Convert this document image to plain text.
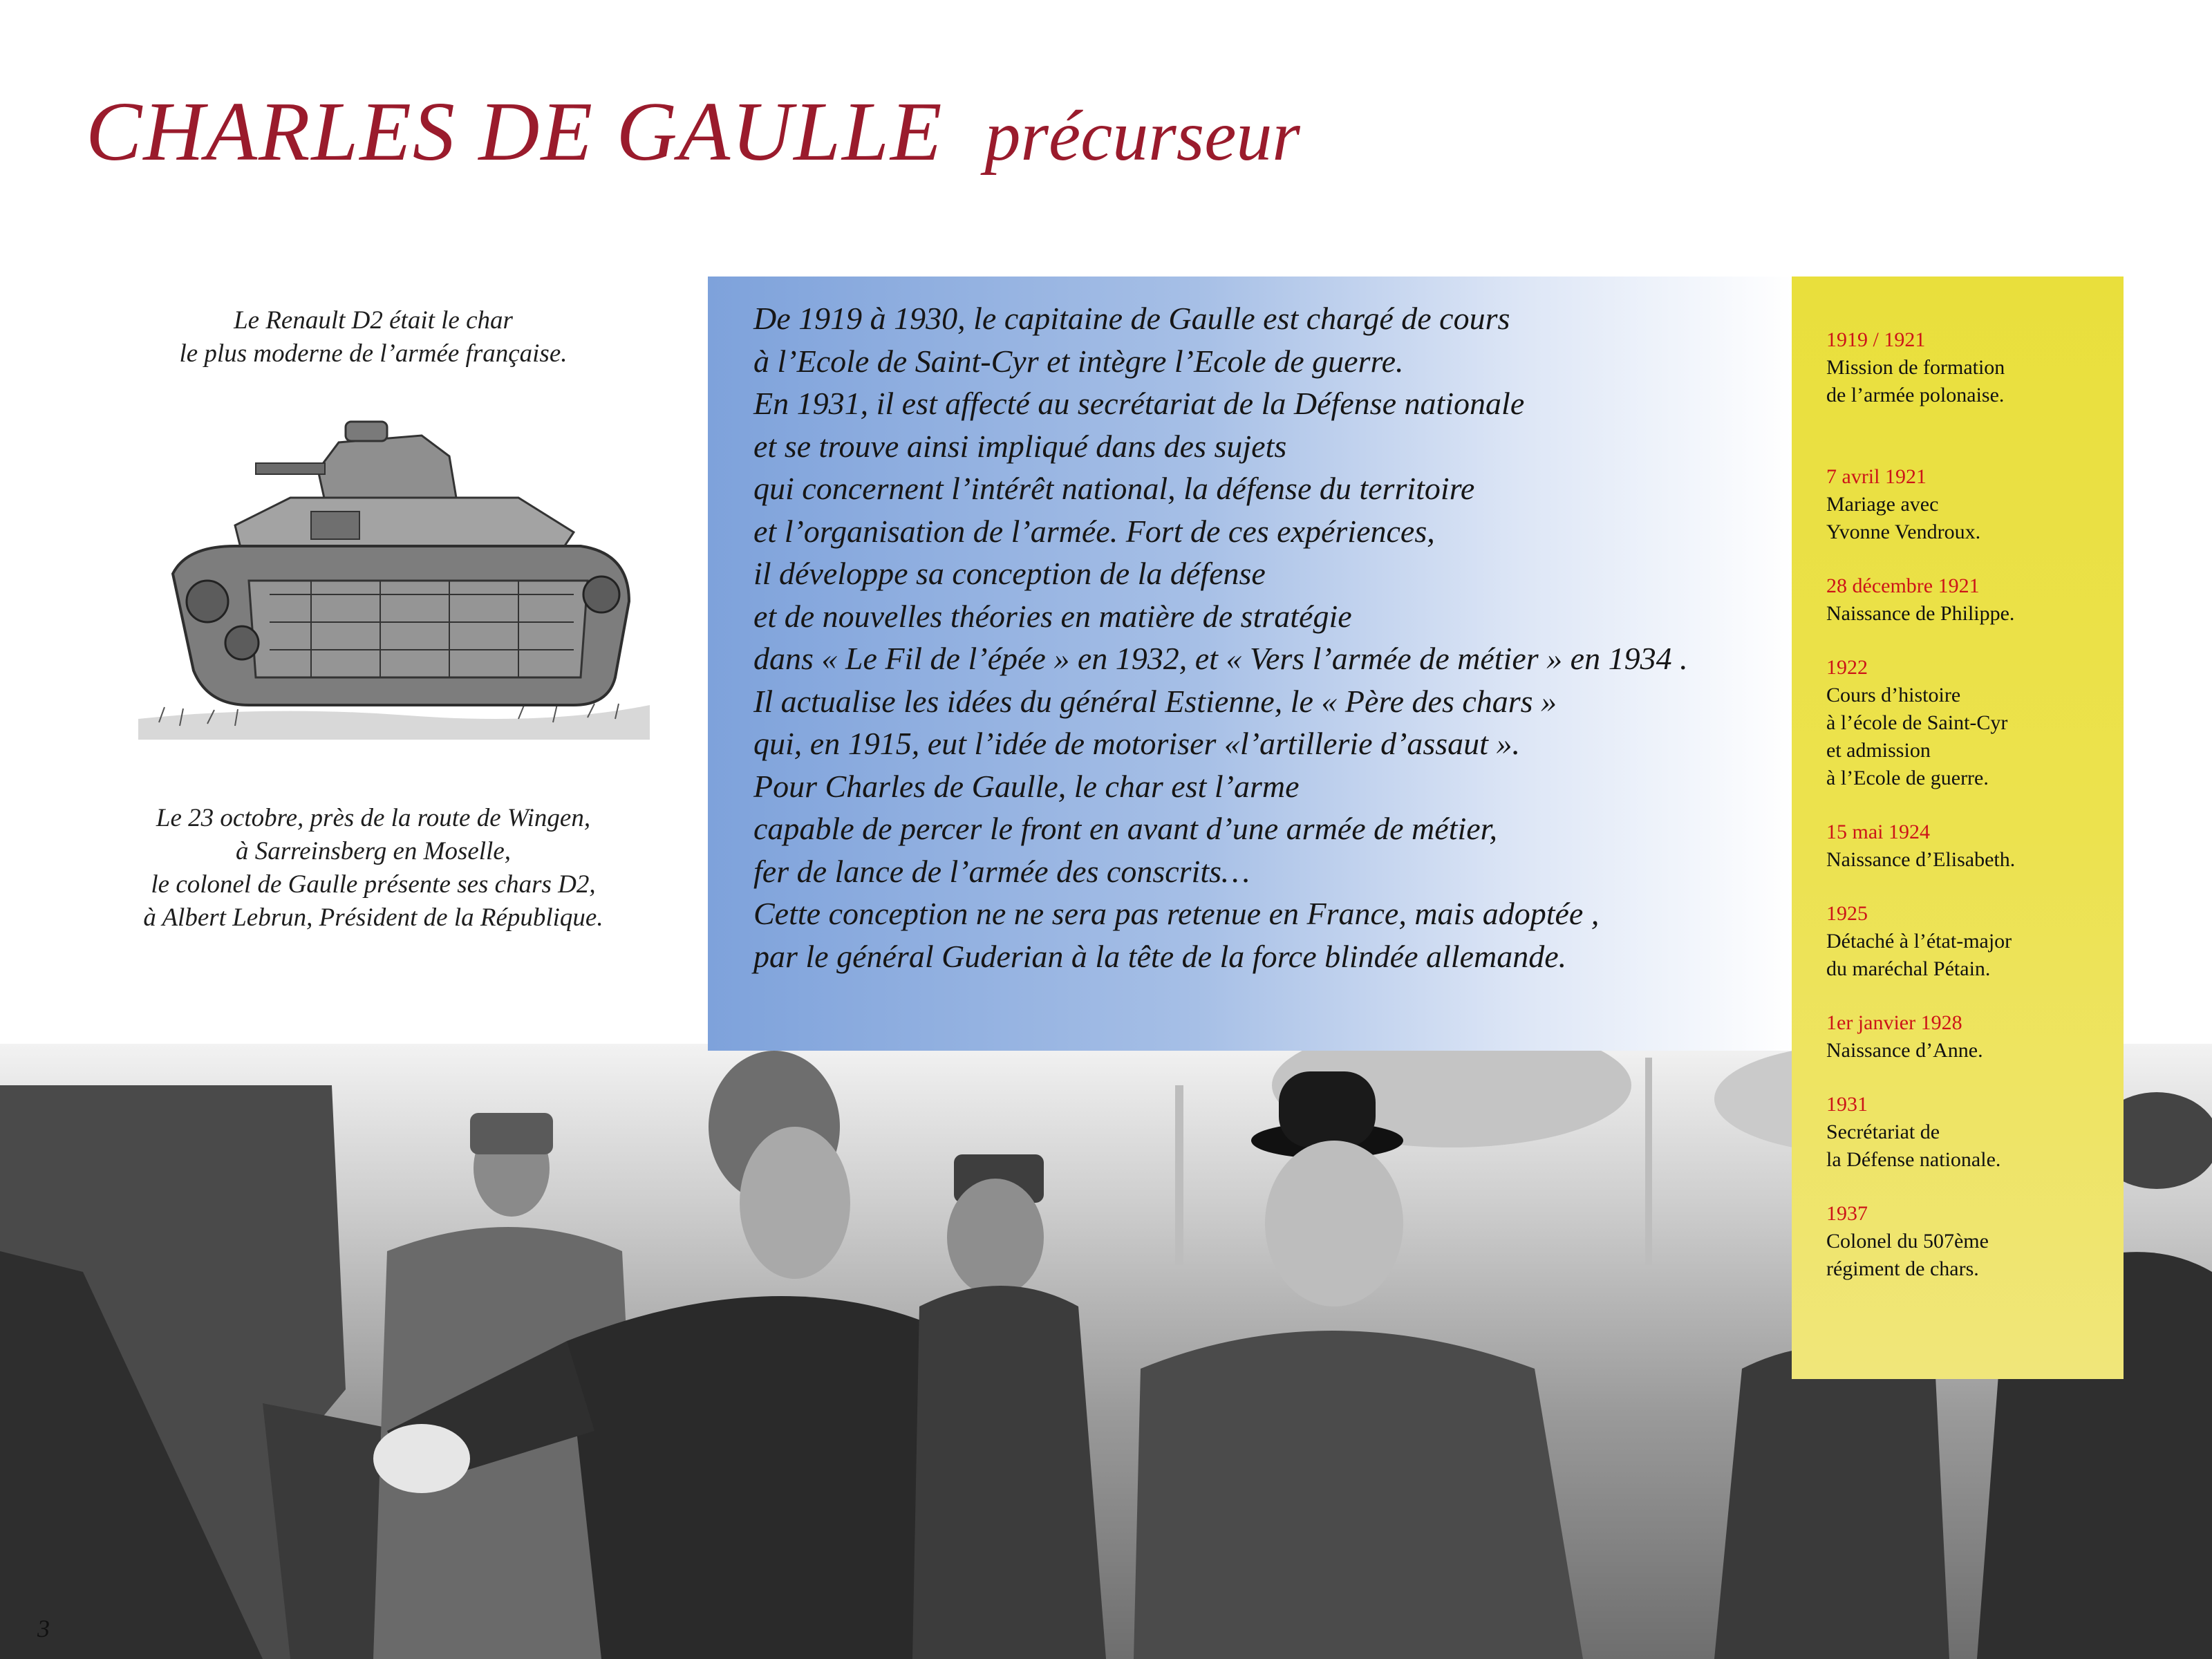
CHARLES DE GAULLE précurseur
Le Renault D2 était le char
le plus moderne de l’armée française.
Le 23 octobre, près de la route de Wingen,
à Sarreinsberg en Moselle,
le colonel de Gaulle présente ses chars D2,
à Albert Lebrun, Président de la République.
De 1919 à 1930, le capitaine de Gaulle est chargé de cours
à l’Ecole de Saint-Cyr et intègre l’Ecole de guerre.
En 1931, il est affecté au secrétariat de la Défense nationale
et se trouve ainsi impliqué dans des sujets
qui concernent l’intérêt national, la défense du territoire
et l’organisation de l’armée. Fort de ces expériences,
il développe sa conception de la défense
et de nouvelles théories en matière de stratégie
dans « Le Fil de l’épée » en 1932, et « Vers l’armée de métier » en 1934 .
Il actualise les idées du général Estienne, le « Père des chars »
qui, en 1915, eut l’idée de motoriser «l’artillerie d’assaut ».
Pour Charles de Gaulle, le char est l’arme
capable de percer le front en avant d’une armée de métier,
fer de lance de l’armée des conscrits…
Cette conception ne ne sera pas retenue en France, mais adoptée ,
par le général Guderian à la tête de la force blindée allemande.
1919 / 1921
Mission de formation
de l’armée polonaise.
7 avril 1921
Mariage avec
Yvonne Vendroux.
28 décembre 1921
Naissance de Philippe.
1922
Cours d’histoire
à l’école de Saint-Cyr
et admission
à l’Ecole de guerre.
15 mai 1924
Naissance d’Elisabeth.
1925
Détaché à l’état-major
du maréchal Pétain.
1er janvier 1928
Naissance d’Anne.
1931
Secrétariat de
la Défense nationale.
1937
Colonel du 507ème
régiment de chars.
3
